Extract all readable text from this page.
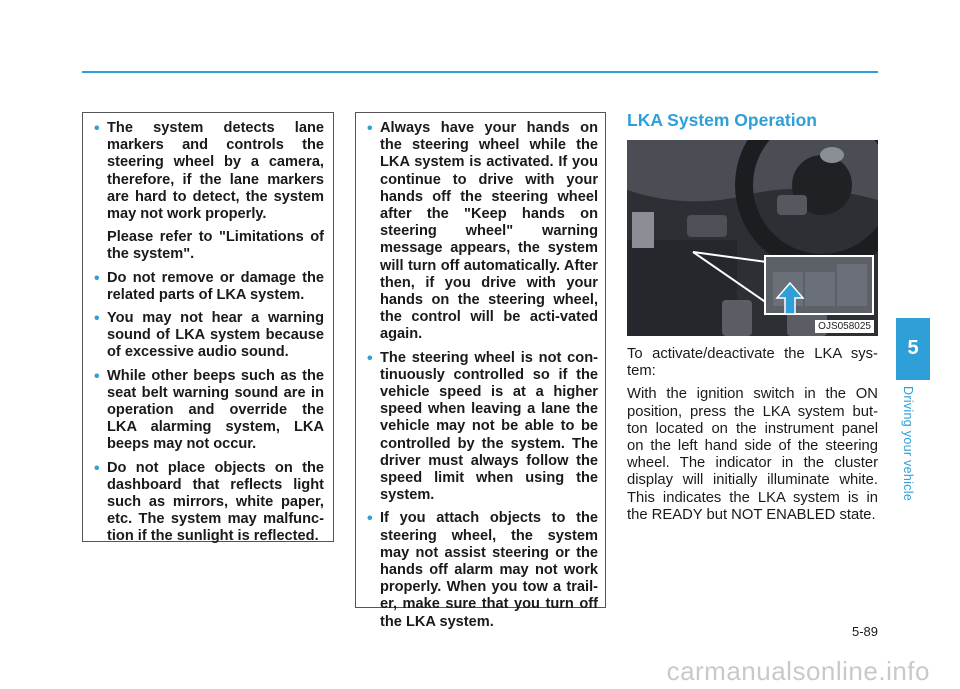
• The system detects lane markers and controls the steering wheel by a camera, therefore, if the lane markers are hard to detect, the system may not work properly.

Please refer to "Limitations of the system".

• Do not remove or damage the related parts of LKA system.

• You may not hear a warning sound of LKA system because of excessive audio sound.

• While other beeps such as the seat belt warning sound are in operation and override the LKA alarming system, LKA beeps may not occur.

• Do not place objects on the dashboard that reflects light such as mirrors, white paper, etc. The system may malfunc-tion if the sunlight is reflected.

• Always have your hands on the steering wheel while the LKA system is activated. If you continue to drive with your hands off the steering wheel after the "Keep hands on steering wheel" warning message appears, the system will turn off automatically. After then, if you drive with your hands on the steering wheel, the control will be acti-vated again.

• The steering wheel is not con-tinuously controlled so if the vehicle speed is at a higher speed when leaving a lane the vehicle may not be able to be controlled by the system. The driver must always follow the speed limit when using the system.

• If you attach objects to the steering wheel, the system may not assist steering or the hands off alarm may not work properly. When you tow a trail-er, make sure that you turn off the LKA system.

LKA System Operation
OJS058025

To activate/deactivate the LKA sys-tem:

With the ignition switch in the ON position, press the LKA system but-ton located on the instrument panel on the left hand side of the steering wheel. The indicator in the cluster display will initially illuminate white. This indicates the LKA system is in the READY but NOT ENABLED state.

5
Driving your vehicle
5-89
carmanualsonline.info
